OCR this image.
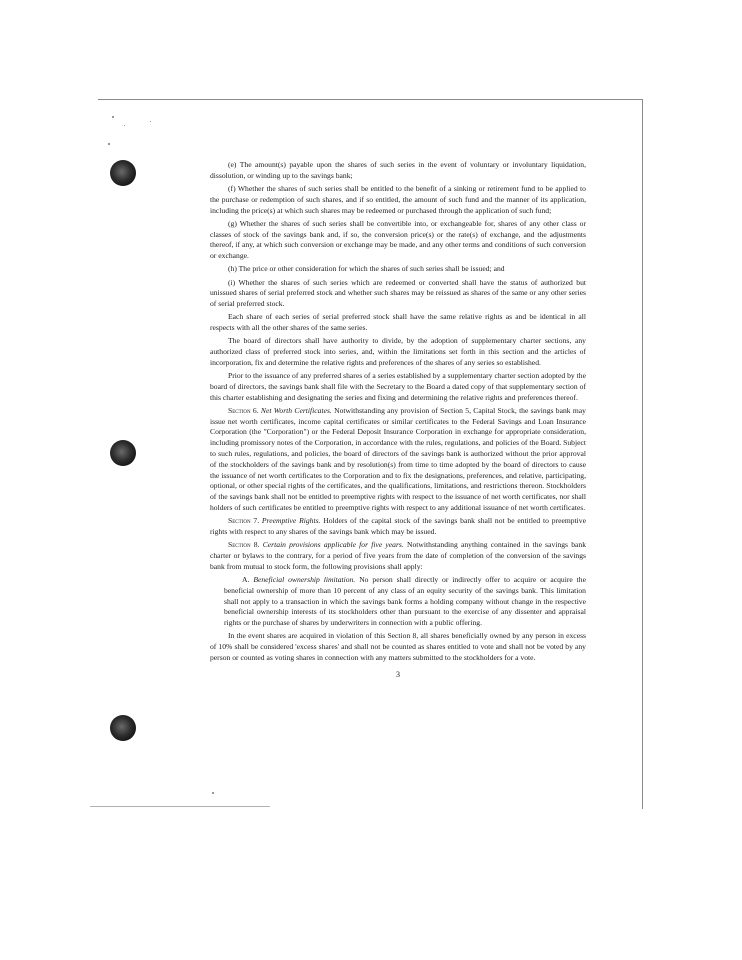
(e) The amount(s) payable upon the shares of such series in the event of voluntary or involuntary liquidation, dissolution, or winding up to the savings bank;

(f) Whether the shares of such series shall be entitled to the benefit of a sinking or retirement fund to be applied to the purchase or redemption of such shares, and if so entitled, the amount of such fund and the manner of its application, including the price(s) at which such shares may be redeemed or purchased through the application of such fund;

(g) Whether the shares of such series shall be convertible into, or exchangeable for, shares of any other class or classes of stock of the savings bank and, if so, the conversion price(s) or the rate(s) of exchange, and the adjustments thereof, if any, at which such conversion or exchange may be made, and any other terms and conditions of such conversion or exchange.

(h) The price or other consideration for which the shares of such series shall be issued; and

(i) Whether the shares of such series which are redeemed or converted shall have the status of authorized but unissued shares of serial preferred stock and whether such shares may be reissued as shares of the same or any other series of serial preferred stock.

Each share of each series of serial preferred stock shall have the same relative rights as and be identical in all respects with all the other shares of the same series.

The board of directors shall have authority to divide, by the adoption of supplementary charter sections, any authorized class of preferred stock into series, and, within the limitations set forth in this section and the articles of incorporation, fix and determine the relative rights and preferences of the shares of any series so established.

Prior to the issuance of any preferred shares of a series established by a supplementary charter section adopted by the board of directors, the savings bank shall file with the Secretary to the Board a dated copy of that supplementary section of this charter establishing and designating the series and fixing and determining the relative rights and preferences thereof.

Section 6. Net Worth Certificates. Notwithstanding any provision of Section 5, Capital Stock, the savings bank may issue net worth certificates, income capital certificates or similar certificates to the Federal Savings and Loan Insurance Corporation (the "Corporation") or the Federal Deposit Insurance Corporation in exchange for appropriate consideration, including promissory notes of the Corporation, in accordance with the rules, regulations, and policies of the Board. Subject to such rules, regulations, and policies, the board of directors of the savings bank is authorized without the prior approval of the stockholders of the savings bank and by resolution(s) from time to time adopted by the board of directors to cause the issuance of net worth certificates to the Corporation and to fix the designations, preferences, and relative, participating, optional, or other special rights of the certificates, and the qualifications, limitations, and restrictions thereon. Stockholders of the savings bank shall not be entitled to preemptive rights with respect to the issuance of net worth certificates, nor shall holders of such certificates be entitled to preemptive rights with respect to any additional issuance of net worth certificates.

Section 7. Preemptive Rights. Holders of the capital stock of the savings bank shall not be entitled to preemptive rights with respect to any shares of the savings bank which may be issued.

Section 8. Certain provisions applicable for five years. Notwithstanding anything contained in the savings bank charter or bylaws to the contrary, for a period of five years from the date of completion of the conversion of the savings bank from mutual to stock form, the following provisions shall apply:

A. Beneficial ownership limitation. No person shall directly or indirectly offer to acquire or acquire the beneficial ownership of more than 10 percent of any class of an equity security of the savings bank. This limitation shall not apply to a transaction in which the savings bank forms a holding company without change in the respective beneficial ownership interests of its stockholders other than pursuant to the exercise of any dissenter and appraisal rights or the purchase of shares by underwriters in connection with a public offering.

In the event shares are acquired in violation of this Section 8, all shares beneficially owned by any person in excess of 10% shall be considered 'excess shares' and shall not be counted as shares entitled to vote and shall not be voted by any person or counted as voting shares in connection with any matters submitted to the stockholders for a vote.

3
